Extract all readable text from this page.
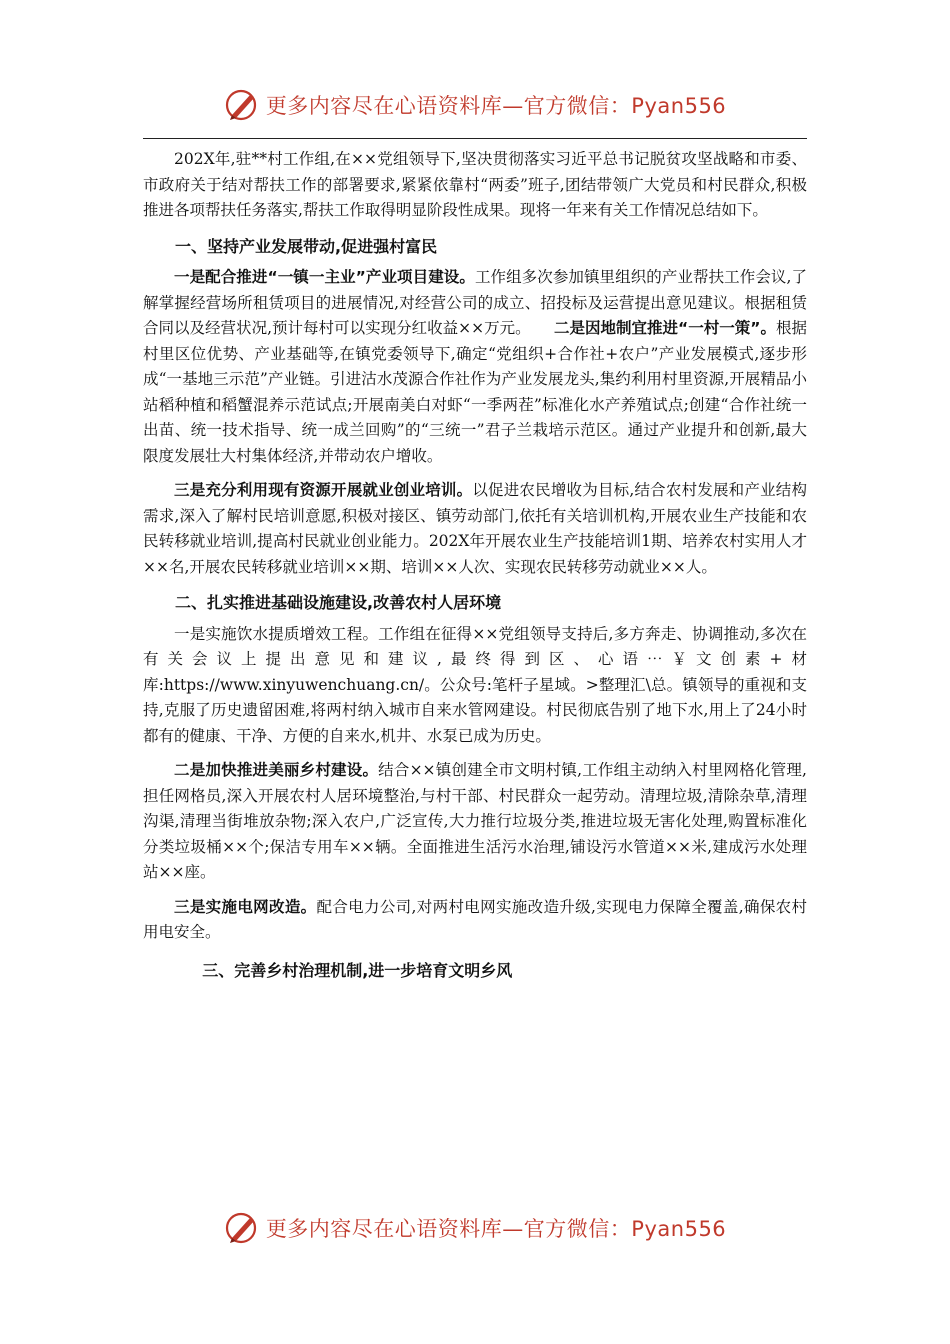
更多内容尽在心语资料库—官方微信：Pyan556

202X年,驻**村工作组,在××党组领导下,坚决贯彻落实习近平总书记脱贫攻坚战略和市委、市政府关于结对帮扶工作的部署要求,紧紧依靠村“两委”班子,团结带领广大党员和村民群众,积极推进各项帮扶任务落实,帮扶工作取得明显阶段性成果。现将一年来有关工作情况总结如下。

一、坚持产业发展带动,促进强村富民

一是配合推进“一镇一主业”产业项目建设。工作组多次参加镇里组织的产业帮扶工作会议,了解掌握经营场所租赁项目的进展情况,对经营公司的成立、招投标及运营提出意见建议。根据租赁合同以及经营状况,预计每村可以实现分红收益××万元。　　 二是因地制宜推进“一村一策”。根据村里区位优势、产业基础等,在镇党委领导下,确定“党组织+合作社+农户”产业发展模式,逐步形成“一基地三示范”产业链。引进沽水茂源合作社作为产业发展龙头,集约利用村里资源,开展精品小站稻种植和稻蟹混养示范试点;开展南美白对虾“一季两茬”标准化水产养殖试点;创建“合作社统一出苗、统一技术指导、统一成兰回购”的“三统一”君子兰栽培示范区。通过产业提升和创新,最大限度发展壮大村集体经济,并带动农户增收。

三是充分利用现有资源开展就业创业培训。以促进农民增收为目标,结合农村发展和产业结构需求,深入了解村民培训意愿,积极对接区、镇劳动部门,依托有关培训机构,开展农业生产技能和农民转移就业培训,提高村民就业创业能力。202X年开展农业生产技能培训1期、培养农村实用人才××名,开展农民转移就业培训××期、培训××人次、实现农民转移劳动就业××人。

二、扎实推进基础设施建设,改善农村人居环境

一是实施饮水提质增效工程。工作组在征得××党组领导支持后,多方奔走、协调推动,多次在有关会议上提出意见和建议,最终得到区、心语⋯￥文创素+材库:https://www.xinyuwenchuang.cn/。公众号:笔杆子星域。>整理汇\总。镇领导的重视和支持,克服了历史遗留困难,将两村纳入城市自来水管网建设。村民彻底告别了地下水,用上了24小时都有的健康、干净、方便的自来水,机井、水泵已成为历史。

二是加快推进美丽乡村建设。结合××镇创建全市文明村镇,工作组主动纳入村里网格化管理,担任网格员,深入开展农村人居环境整治,与村干部、村民群众一起劳动。清理垃圾,清除杂草,清理沟渠,清理当街堆放杂物;深入农户,广泛宣传,大力推行垃圾分类,推进垃圾无害化处理,购置标准化分类垃圾桶××个;保洁专用车××辆。全面推进生活污水治理,铺设污水管道××米,建成污水处理站××座。

三是实施电网改造。配合电力公司,对两村电网实施改造升级,实现电力保障全覆盖,确保农村用电安全。

三、完善乡村治理机制,进一步培育文明乡风
更多内容尽在心语资料库—官方微信：Pyan556
